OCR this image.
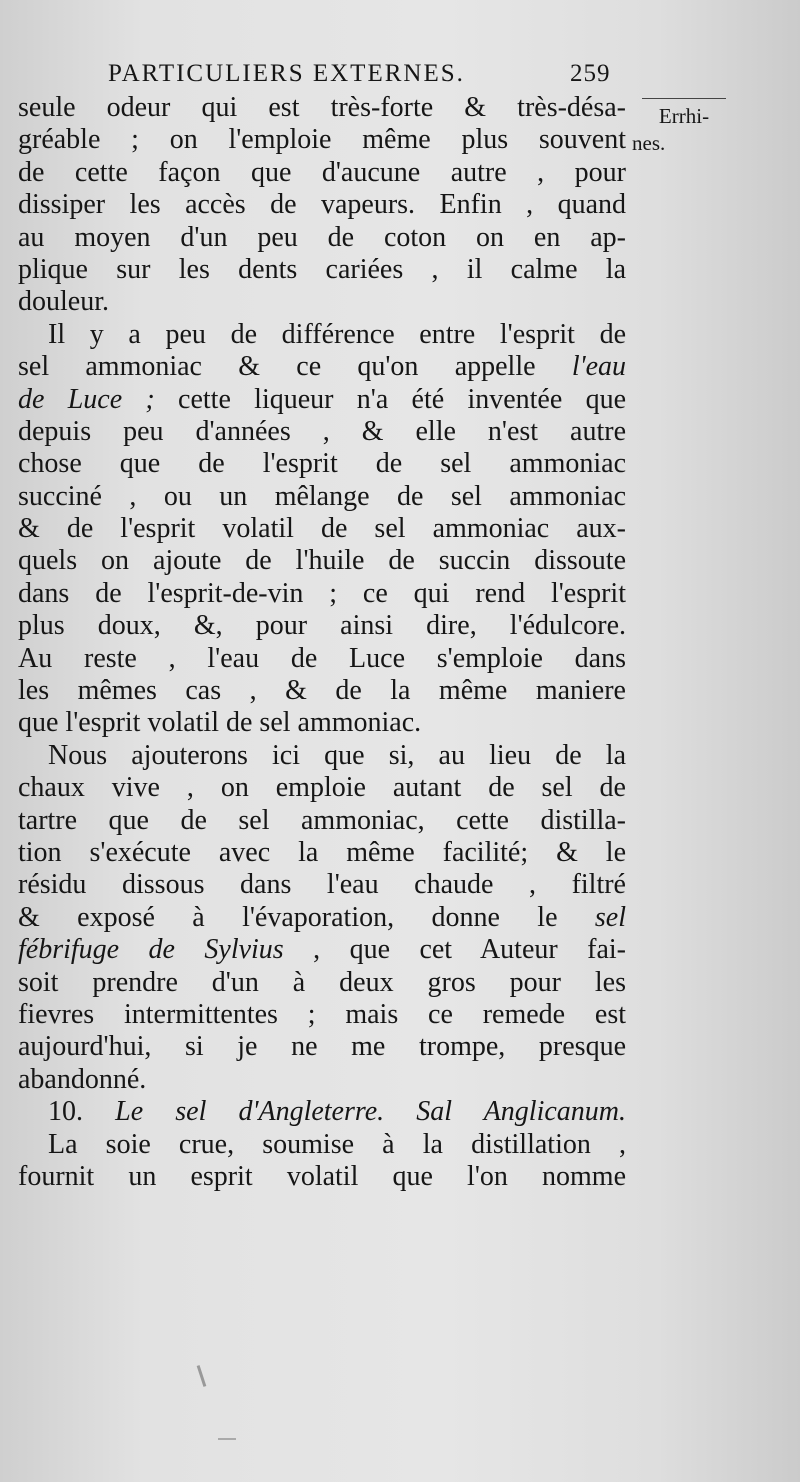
PARTICULIERS EXTERNES.	259
Errhi-
nes.
seule odeur qui est très-forte & très-désa-
gréable ; on l'emploie même plus souvent
de cette façon que d'aucune autre , pour
dissiper les accès de vapeurs. Enfin , quand
au moyen d'un peu de coton on en ap-
plique sur les dents cariées , il calme la
douleur.
Il y a peu de différence entre l'esprit de
sel ammoniac & ce qu'on appelle l'eau
de Luce ; cette liqueur n'a été inventée que
depuis peu d'années , & elle n'est autre
chose que de l'esprit de sel ammoniac
succiné , ou un mêlange de sel ammoniac
& de l'esprit volatil de sel ammoniac aux-
quels on ajoute de l'huile de succin dissoute
dans de l'esprit-de-vin ; ce qui rend l'esprit
plus doux, &, pour ainsi dire, l'édulcore.
Au reste , l'eau de Luce s'emploie dans
les mêmes cas , & de la même maniere
que l'esprit volatil de sel ammoniac.
Nous ajouterons ici que si, au lieu de la
chaux vive , on emploie autant de sel de
tartre que de sel ammoniac, cette distilla-
tion s'exécute avec la même facilité; & le
résidu dissous dans l'eau chaude , filtré
& exposé à l'évaporation, donne le sel
fébrifuge de Sylvius , que cet Auteur fai-
soit prendre d'un à deux gros pour les
fievres intermittentes ; mais ce remede est
aujourd'hui, si je ne me trompe, presque
abandonné.
10. Le sel d'Angleterre. Sal Anglicanum.
La soie crue, soumise à la distillation ,
fournit un esprit volatil que l'on nomme
